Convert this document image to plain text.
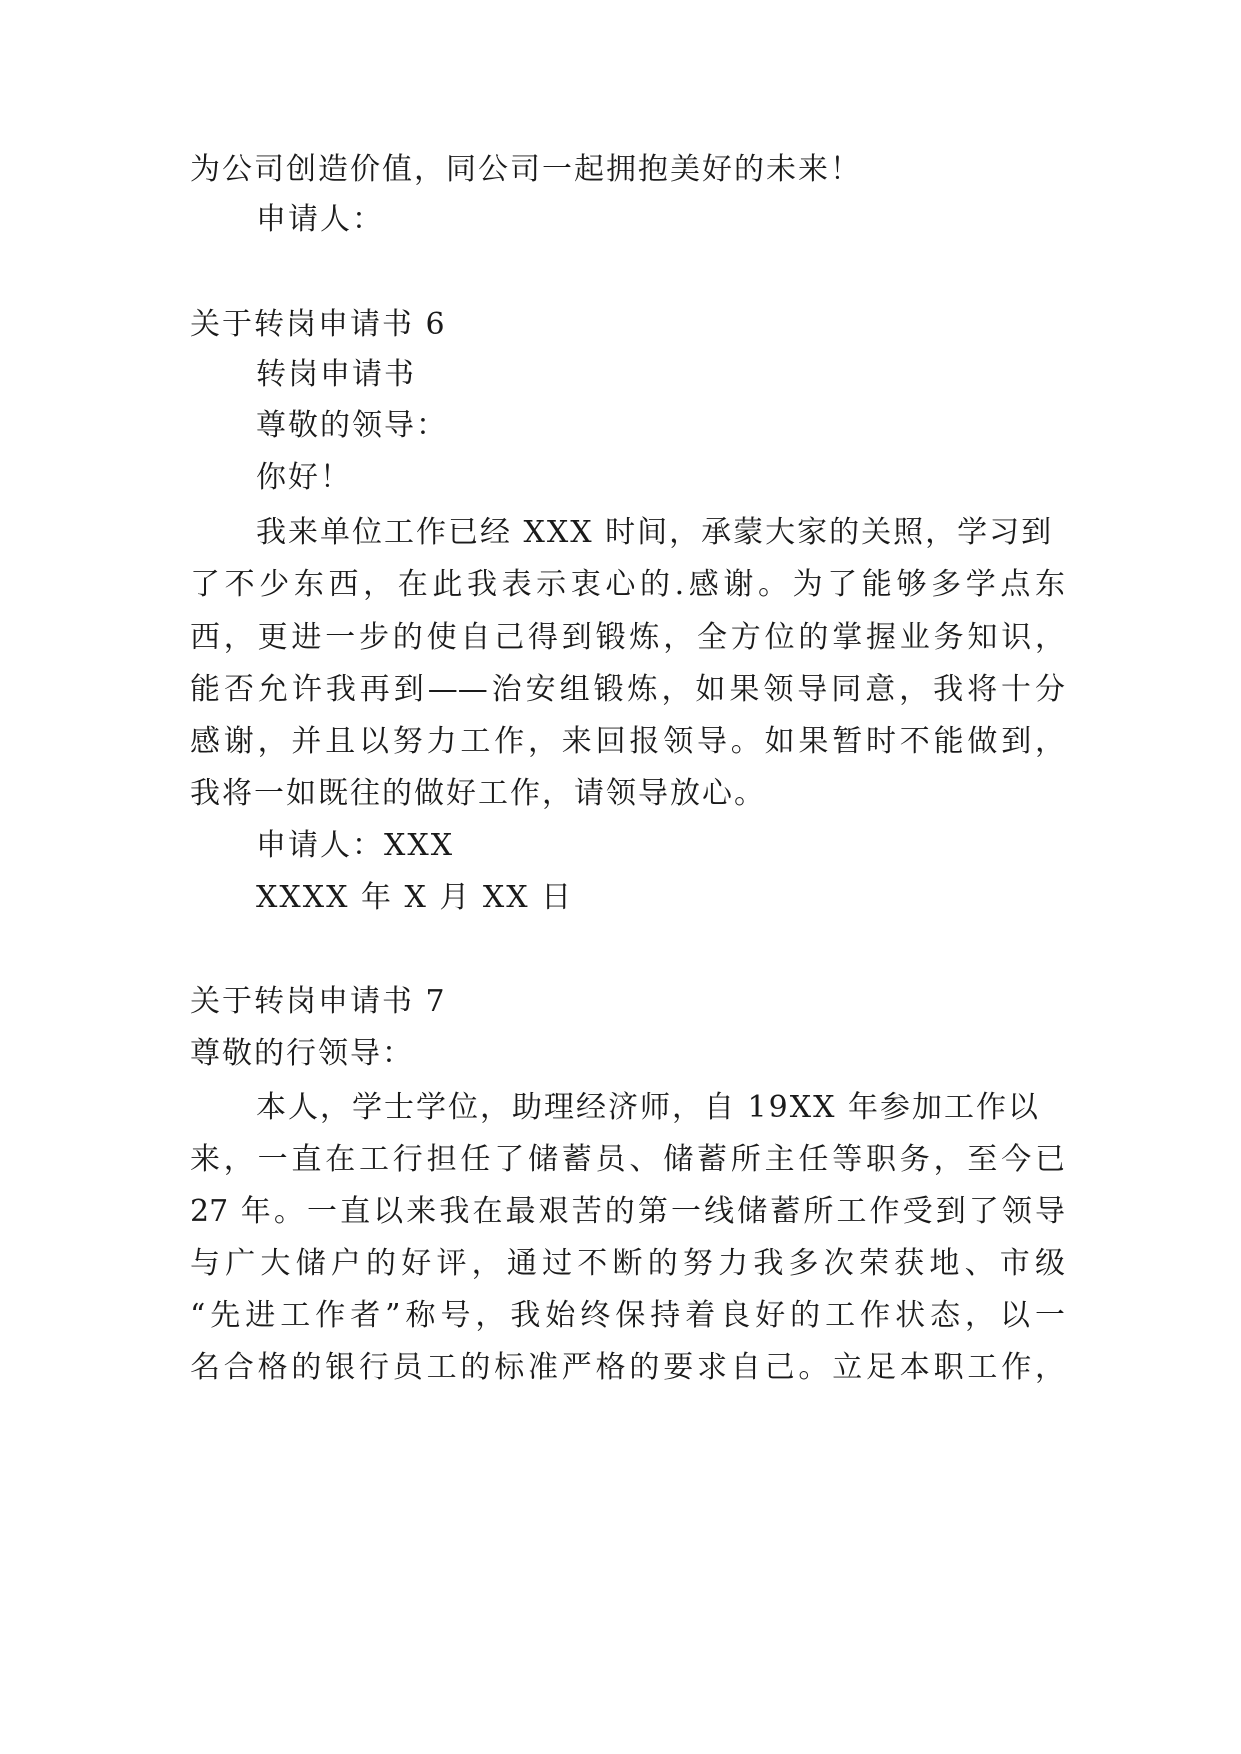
为公司创造价值，同公司一起拥抱美好的未来！
申请人：
关于转岗申请书 6
转岗申请书
尊敬的领导：
你好！
我来单位工作已经 XXX 时间，承蒙大家的关照，学习到
了不少东西，在此我表示衷心的.感谢。为了能够多学点东
西，更进一步的使自己得到锻炼，全方位的掌握业务知识，
能否允许我再到——治安组锻炼，如果领导同意，我将十分
感谢，并且以努力工作，来回报领导。如果暂时不能做到，
我将一如既往的做好工作，请领导放心。
申请人：XXX
XXXX 年 X 月 XX 日
关于转岗申请书 7
尊敬的行领导：
本人，学士学位，助理经济师，自 19XX 年参加工作以
来，一直在工行担任了储蓄员、储蓄所主任等职务，至今已
27 年。一直以来我在最艰苦的第一线储蓄所工作受到了领导
与广大储户的好评，通过不断的努力我多次荣获地、市级
“先进工作者”称号，我始终保持着良好的工作状态，以一
名合格的银行员工的标准严格的要求自己。立足本职工作，
